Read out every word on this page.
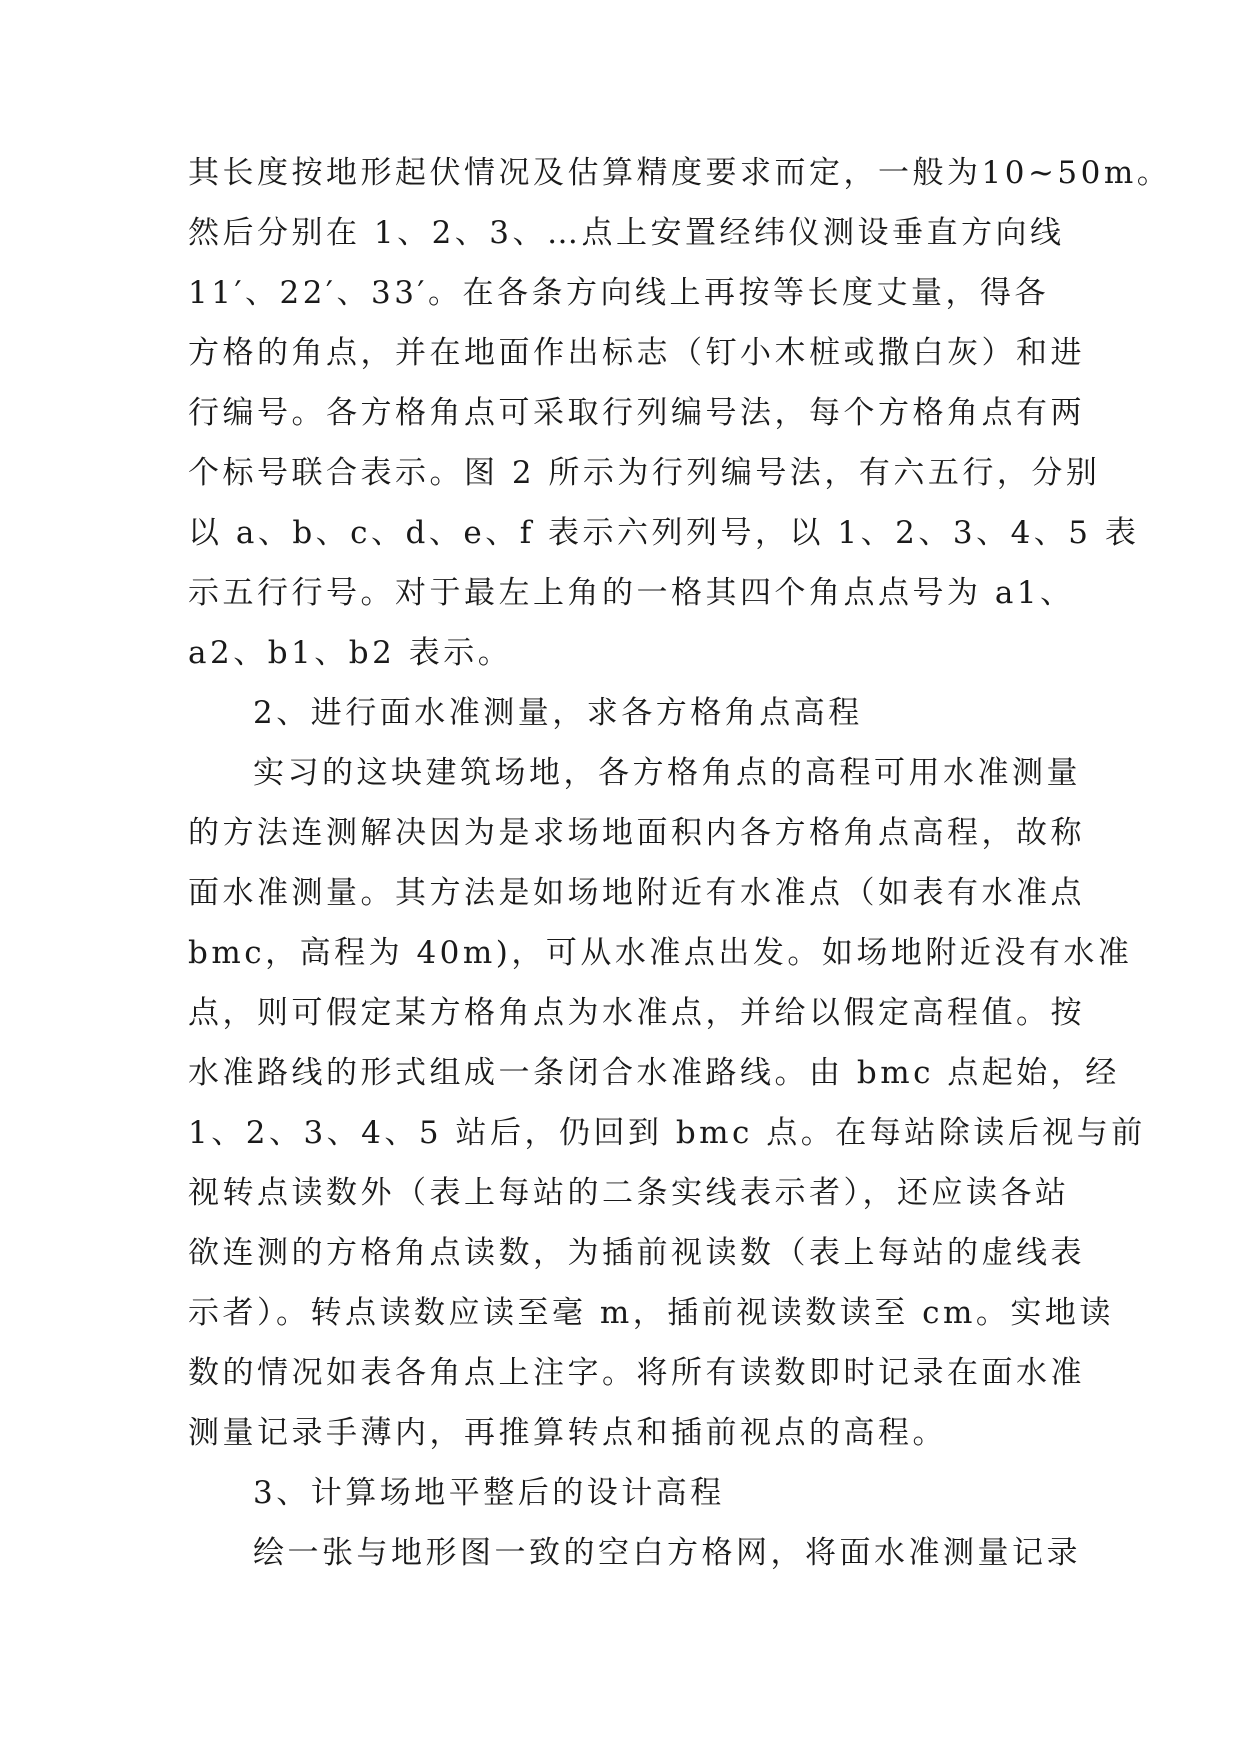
其长度按地形起伏情况及估算精度要求而定，一般为10~50m。
然后分别在 1、2、3、…点上安置经纬仪测设垂直方向线
11′、22′、33′。在各条方向线上再按等长度丈量，得各
方格的角点，并在地面作出标志（钉小木桩或撒白灰）和进
行编号。各方格角点可采取行列编号法，每个方格角点有两
个标号联合表示。图 2 所示为行列编号法，有六五行，分别
以 a、b、c、d、e、f 表示六列列号，以 1、2、3、4、5 表
示五行行号。对于最左上角的一格其四个角点点号为 a1、
a2、b1、b2 表示。
2、进行面水准测量，求各方格角点高程
实习的这块建筑场地，各方格角点的高程可用水准测量
的方法连测解决因为是求场地面积内各方格角点高程，故称
面水准测量。其方法是如场地附近有水准点（如表有水准点
bmc，高程为 40m)，可从水准点出发。如场地附近没有水准
点，则可假定某方格角点为水准点，并给以假定高程值。按
水准路线的形式组成一条闭合水准路线。由 bmc 点起始，经
1、2、3、4、5 站后，仍回到 bmc 点。在每站除读后视与前
视转点读数外（表上每站的二条实线表示者），还应读各站
欲连测的方格角点读数，为插前视读数（表上每站的虚线表
示者）。转点读数应读至毫 m，插前视读数读至 cm。实地读
数的情况如表各角点上注字。将所有读数即时记录在面水准
测量记录手薄内，再推算转点和插前视点的高程。
3、计算场地平整后的设计高程
绘一张与地形图一致的空白方格网，将面水准测量记录
